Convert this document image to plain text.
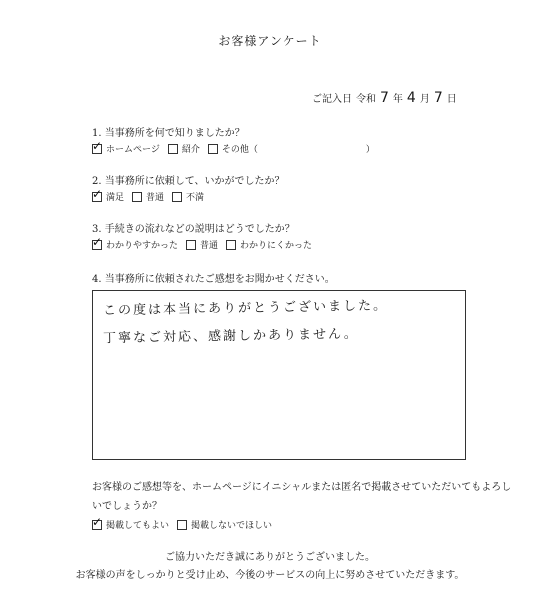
お客様アンケート
ご記入日 令和 7 年 4 月 7 日
1. 当事務所を何で知りましたか？
✓
ホームページ 紹介 その他（　　　　　　　　　　　　）
2. 当事務所に依頼して、いかがでしたか？
✓
満足 普通 不満
3. 手続きの流れなどの説明はどうでしたか？
✓
わかりやすかった 普通 わかりにくかった
4. 当事務所に依頼されたご感想をお聞かせください。
この度は本当にありがとうございました。
丁寧なご対応、感謝しかありません。
お客様のご感想等を、ホームページにイニシャルまたは匿名で掲載させていただいてもよろしいでしょうか？
✓
掲載してもよい 掲載しないでほしい
ご協力いただき誠にありがとうございました。
お客様の声をしっかりと受け止め、今後のサービスの向上に努めさせていただきます。
